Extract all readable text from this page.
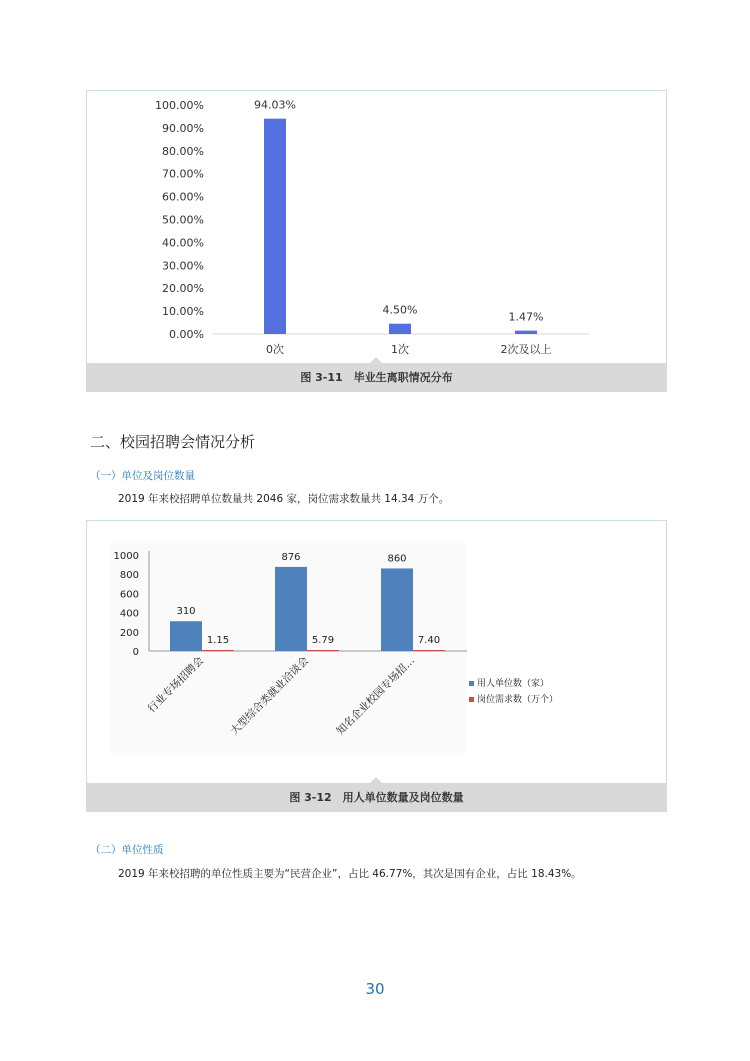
100.00%
90.00%
80.00%
70.00%
60.00%
50.00%
40.00%
30.00%
20.00%
10.00%
0.00%
94.03%
0次
4.50%
1次
1.47%
2次及以上
图 3-11　毕业生离职情况分布
二、校园招聘会情况分析
（一）单位及岗位数量
2019 年来校招聘单位数量共 2046 家，岗位需求数量共 14.34 万个。
1000
800
600
400
200
0
310
876	860
1.15	5.79	7.40
行业专场招聘会 大型综合类就业洽谈会 知名企业校园专场招…	用人单位数（家）
岗位需求数（万个）
图 3-12　用人单位数量及岗位数量
（二）单位性质
2019 年来校招聘的单位性质主要为“民营企业”，占比 46.77%，其次是国有企业，占比 18.43%。
30
